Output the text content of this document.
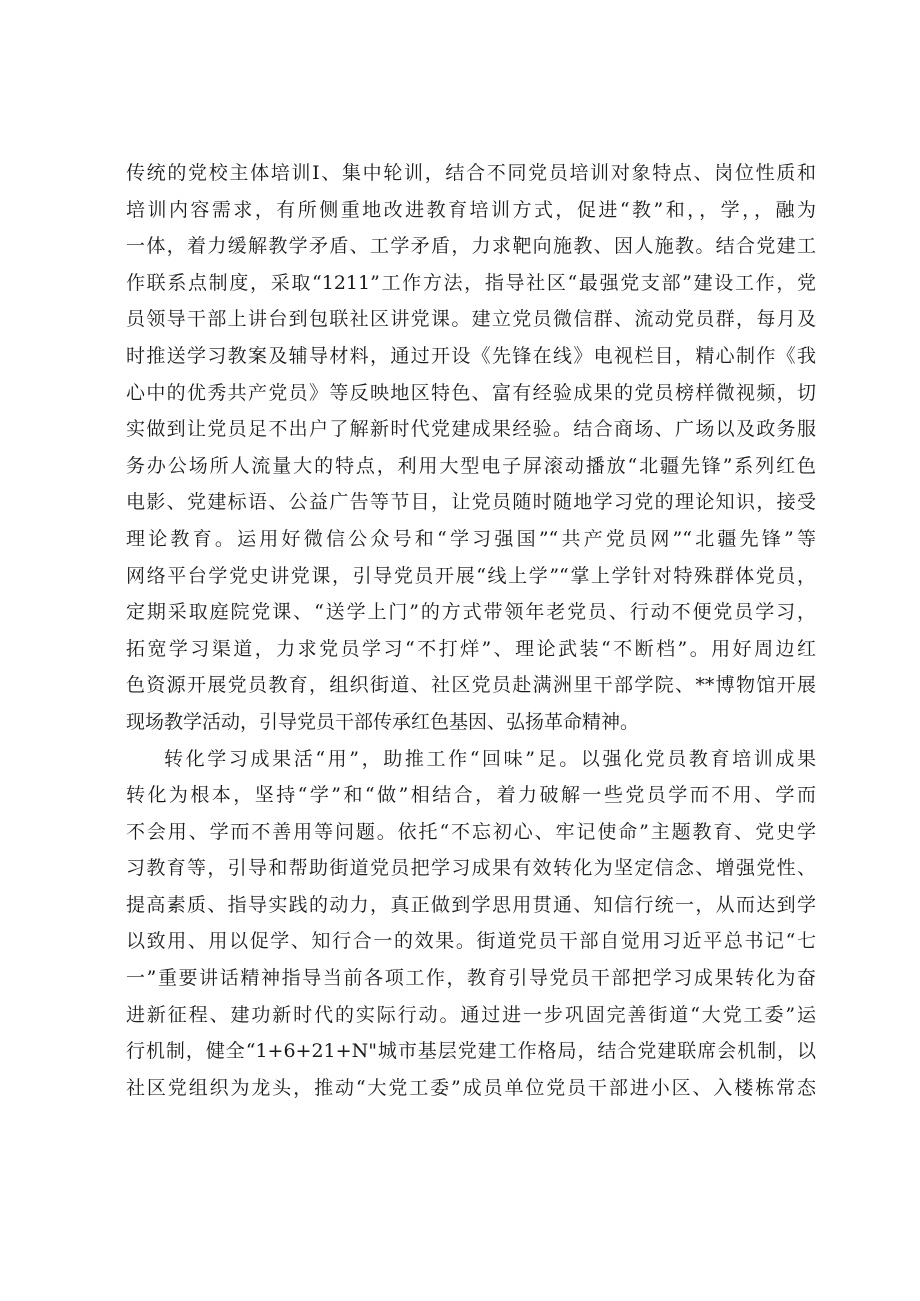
传统的党校主体培训I、集中轮训，结合不同党员培训对象特点、岗位性质和
培训内容需求，有所侧重地改进教育培训方式，促进“教”和，，学，，融为
一体，着力缓解教学矛盾、工学矛盾，力求靶向施教、因人施教。结合党建工
作联系点制度，采取“1211”工作方法，指导社区“最强党支部”建设工作，党
员领导干部上讲台到包联社区讲党课。建立党员微信群、流动党员群，每月及
时推送学习教案及辅导材料，通过开设《先锋在线》电视栏目，精心制作《我
心中的优秀共产党员》等反映地区特色、富有经验成果的党员榜样微视频，切
实做到让党员足不出户了解新时代党建成果经验。结合商场、广场以及政务服
务办公场所人流量大的特点，利用大型电子屏滚动播放“北疆先锋”系列红色
电影、党建标语、公益广告等节目，让党员随时随地学习党的理论知识，接受
理论教育。运用好微信公众号和“学习强国”“共产党员网”“北疆先锋”等
网络平台学党史讲党课，引导党员开展“线上学”“掌上学针对特殊群体党员，
定期采取庭院党课、“送学上门”的方式带领年老党员、行动不便党员学习，
拓宽学习渠道，力求党员学习“不打烊”、理论武装“不断档”。用好周边红
色资源开展党员教育，组织街道、社区党员赴满洲里干部学院、**博物馆开展
现场教学活动，引导党员干部传承红色基因、弘扬革命精神。
转化学习成果活“用”，助推工作“回味”足。以强化党员教育培训成果
转化为根本，坚持“学”和“做”相结合，着力破解一些党员学而不用、学而
不会用、学而不善用等问题。依托“不忘初心、牢记使命”主题教育、党史学
习教育等，引导和帮助街道党员把学习成果有效转化为坚定信念、增强党性、
提高素质、指导实践的动力，真正做到学思用贯通、知信行统一，从而达到学
以致用、用以促学、知行合一的效果。街道党员干部自觉用习近平总书记“七
一”重要讲话精神指导当前各项工作，教育引导党员干部把学习成果转化为奋
进新征程、建功新时代的实际行动。通过进一步巩固完善街道“大党工委”运
行机制，健全“1+6+21+N"城市基层党建工作格局，结合党建联席会机制，以
社区党组织为龙头，推动“大党工委”成员单位党员干部进小区、入楼栋常态
